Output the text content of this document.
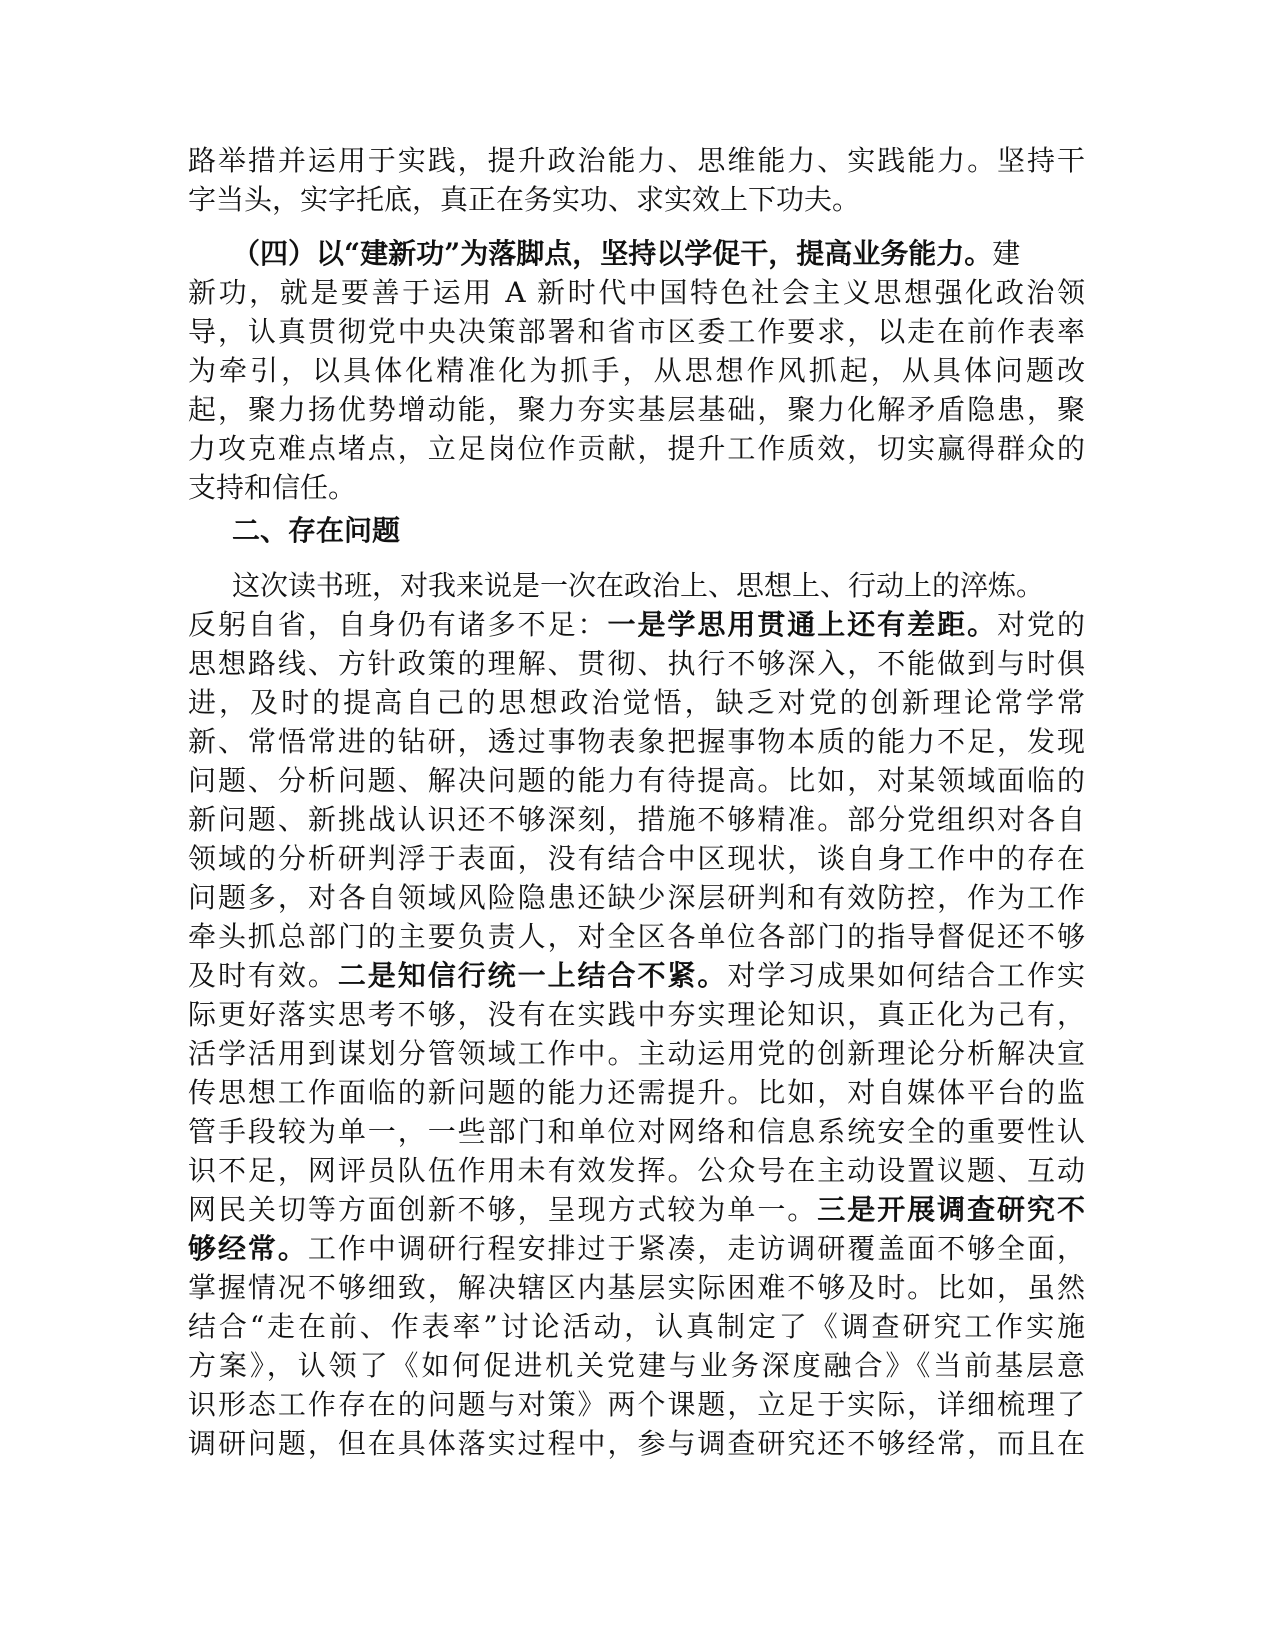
路举措并运用于实践，提升政治能力、思维能力、实践能力。坚持干
字当头，实字托底，真正在务实功、求实效上下功夫。
（四）以“建新功”为落脚点，坚持以学促干，提高业务能力。建
新功，就是要善于运用 A 新时代中国特色社会主义思想强化政治领
导，认真贯彻党中央决策部署和省市区委工作要求，以走在前作表率
为牵引，以具体化精准化为抓手，从思想作风抓起，从具体问题改
起，聚力扬优势增动能，聚力夯实基层基础，聚力化解矛盾隐患，聚
力攻克难点堵点，立足岗位作贡献，提升工作质效，切实赢得群众的
支持和信任。
二、存在问题
这次读书班，对我来说是一次在政治上、思想上、行动上的淬炼。
反躬自省，自身仍有诸多不足：一是学思用贯通上还有差距。对党的
思想路线、方针政策的理解、贯彻、执行不够深入，不能做到与时俱
进，及时的提高自己的思想政治觉悟，缺乏对党的创新理论常学常
新、常悟常进的钻研，透过事物表象把握事物本质的能力不足，发现
问题、分析问题、解决问题的能力有待提高。比如，对某领域面临的
新问题、新挑战认识还不够深刻，措施不够精准。部分党组织对各自
领域的分析研判浮于表面，没有结合中区现状，谈自身工作中的存在
问题多，对各自领域风险隐患还缺少深层研判和有效防控，作为工作
牵头抓总部门的主要负责人，对全区各单位各部门的指导督促还不够
及时有效。二是知信行统一上结合不紧。对学习成果如何结合工作实
际更好落实思考不够，没有在实践中夯实理论知识，真正化为己有，
活学活用到谋划分管领域工作中。主动运用党的创新理论分析解决宣
传思想工作面临的新问题的能力还需提升。比如，对自媒体平台的监
管手段较为单一，一些部门和单位对网络和信息系统安全的重要性认
识不足，网评员队伍作用未有效发挥。公众号在主动设置议题、互动
网民关切等方面创新不够，呈现方式较为单一。三是开展调查研究不
够经常。工作中调研行程安排过于紧凑，走访调研覆盖面不够全面，
掌握情况不够细致，解决辖区内基层实际困难不够及时。比如，虽然
结合“走在前、作表率”讨论活动，认真制定了《调查研究工作实施
方案》，认领了《如何促进机关党建与业务深度融合》《当前基层意
识形态工作存在的问题与对策》两个课题，立足于实际，详细梳理了
调研问题，但在具体落实过程中，参与调查研究还不够经常，而且在
